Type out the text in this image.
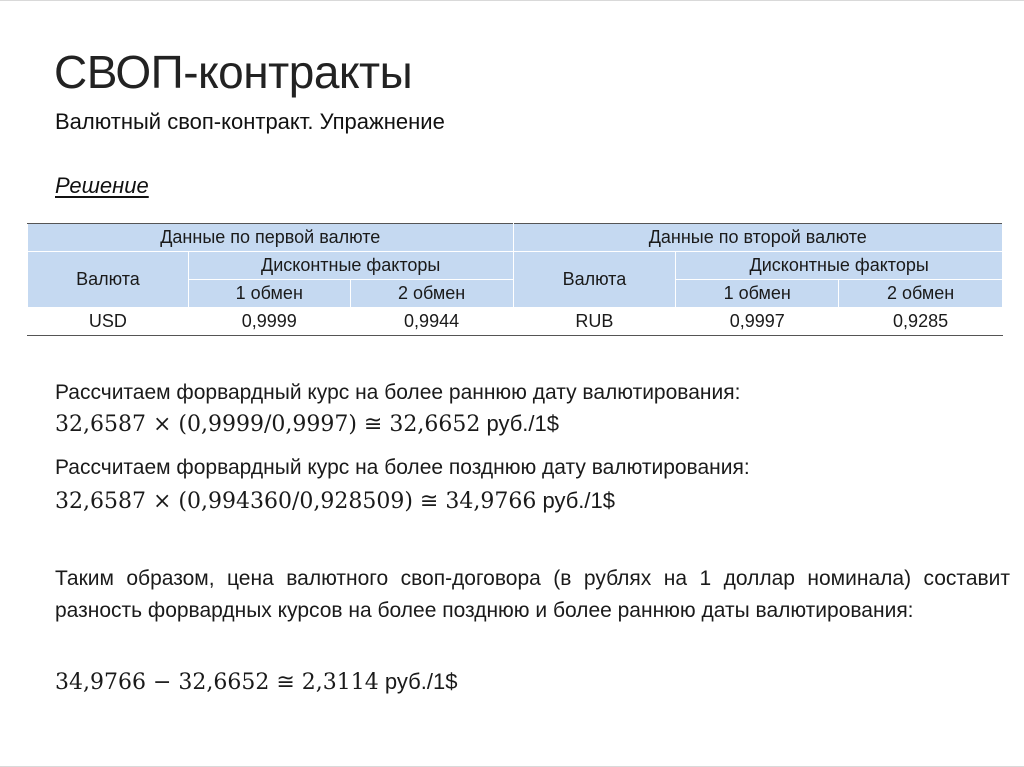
СВОП-контракты
Валютный своп-контракт. Упражнение
Решение
Данные по первой валюте			Данные по второй валюте		
Валюта	Дисконтные факторы		Валюта	Дисконтные факторы	
	1 обмен	2 обмен		1 обмен	2 обмен
USD	0,9999	0,9944	RUB	0,9997	0,9285

Рассчитаем форвардный курс на более раннюю дату валютирования:

32,6587 × (0,9999/0,9997) ≅ 32,6652 руб./1$

Рассчитаем форвардный курс на более позднюю дату валютирования:

32,6587 × (0,994360/0,928509) ≅ 34,9766 руб./1$

Таким образом, цена валютного своп-договора (в рублях на 1 доллар номинала) составит разность форвардных курсов на более позднюю и более раннюю даты валютирования:

34,9766 − 32,6652 ≅ 2,3114 руб./1$
